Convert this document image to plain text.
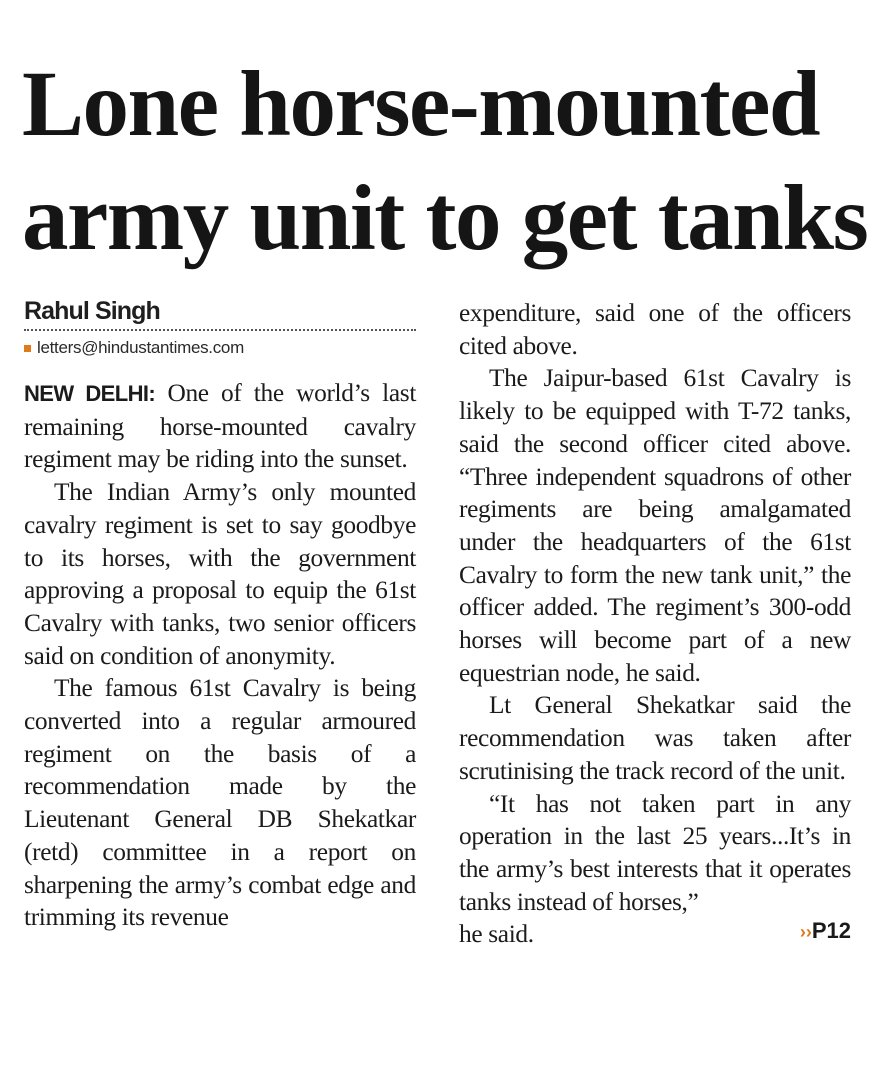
Lone horse-mounted
army unit to get tanks
Rahul Singh
letters@hindustantimes.com

NEW DELHI: One of the world’s last remaining horse-mounted cavalry regiment may be riding into the sunset.

The Indian Army’s only mounted cavalry regiment is set to say goodbye to its horses, with the government approving a proposal to equip the 61st Cavalry with tanks, two senior officers said on condition of anonymity.

The famous 61st Cavalry is being converted into a regular armoured regiment on the basis of a recommendation made by the Lieutenant General DB Shekatkar (retd) committee in a report on sharpening the army’s combat edge and trimming its revenue

expenditure, said one of the officers cited above.

The Jaipur-based 61st Cavalry is likely to be equipped with T-72 tanks, said the second officer cited above. “Three independent squadrons of other regiments are being amalgamated under the headquarters of the 61st Cavalry to form the new tank unit,” the officer added. The regiment’s 300-odd horses will become part of a new equestrian node, he said.

Lt General Shekatkar said the recommendation was taken after scrutinising the track record of the unit.

“It has not taken part in any operation in the last 25 years...It’s in the army’s best interests that it operates tanks instead of horses,”

he said.	››P12
